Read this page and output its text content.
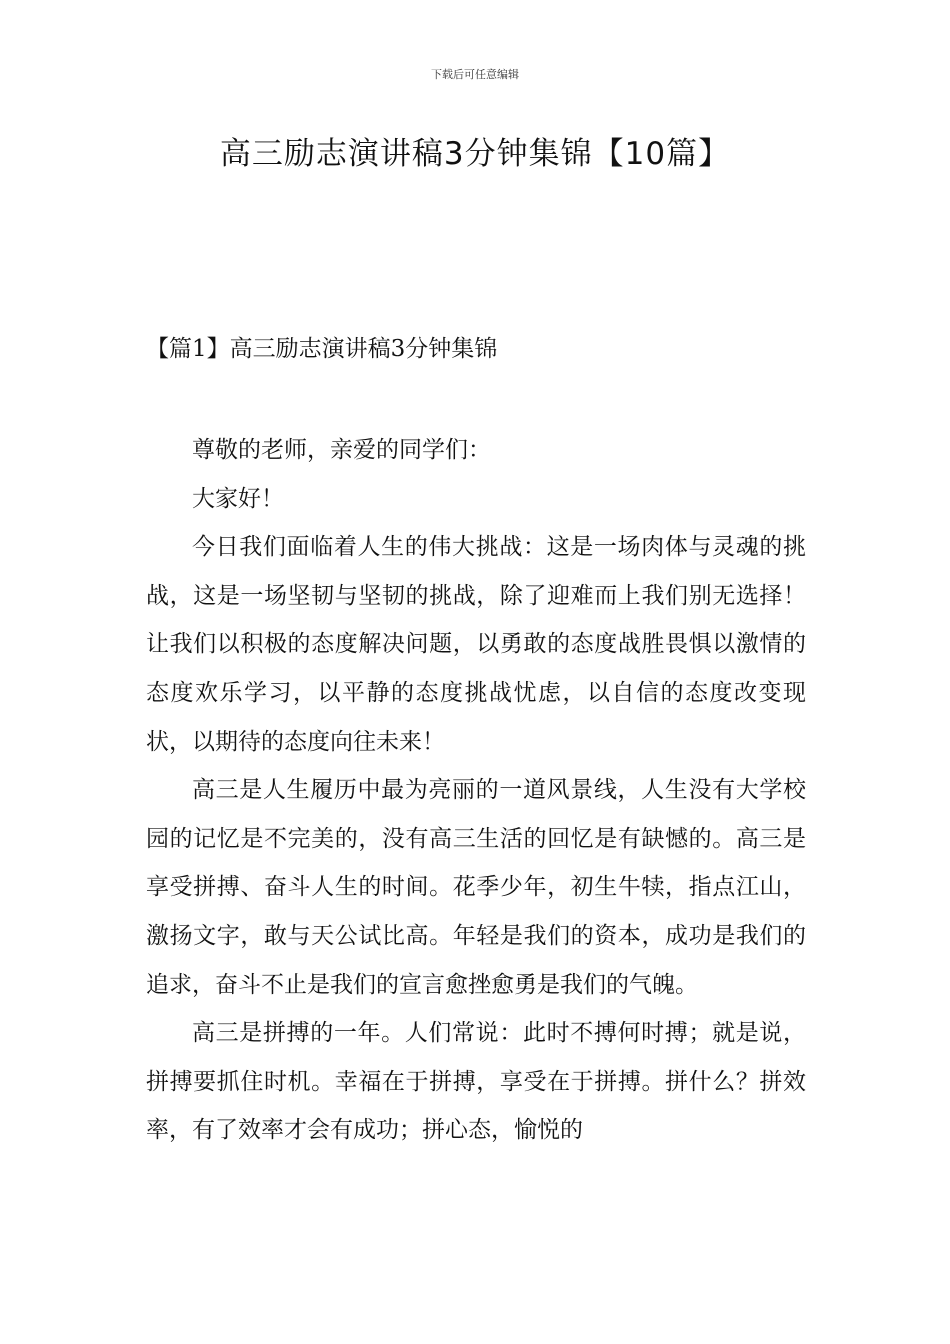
下载后可任意编辑
高三励志演讲稿3分钟集锦【10篇】
【篇1】高三励志演讲稿3分钟集锦

尊敬的老师，亲爱的同学们：

大家好！

今日我们面临着人生的伟大挑战：这是一场肉体与灵魂的挑战，这是一场坚韧与坚韧的挑战，除了迎难而上我们别无选择！让我们以积极的态度解决问题，以勇敢的态度战胜畏惧以激情的态度欢乐学习，以平静的态度挑战忧虑，以自信的态度改变现状，以期待的态度向往未来！

高三是人生履历中最为亮丽的一道风景线，人生没有大学校园的记忆是不完美的，没有高三生活的回忆是有缺憾的。高三是享受拼搏、奋斗人生的时间。花季少年，初生牛犊，指点江山，激扬文字，敢与天公试比高。年轻是我们的资本，成功是我们的追求，奋斗不止是我们的宣言愈挫愈勇是我们的气魄。

高三是拼搏的一年。人们常说：此时不搏何时搏；就是说，拼搏要抓住时机。幸福在于拼搏，享受在于拼搏。拼什么？拼效率，有了效率才会有成功；拼心态，愉悦的
